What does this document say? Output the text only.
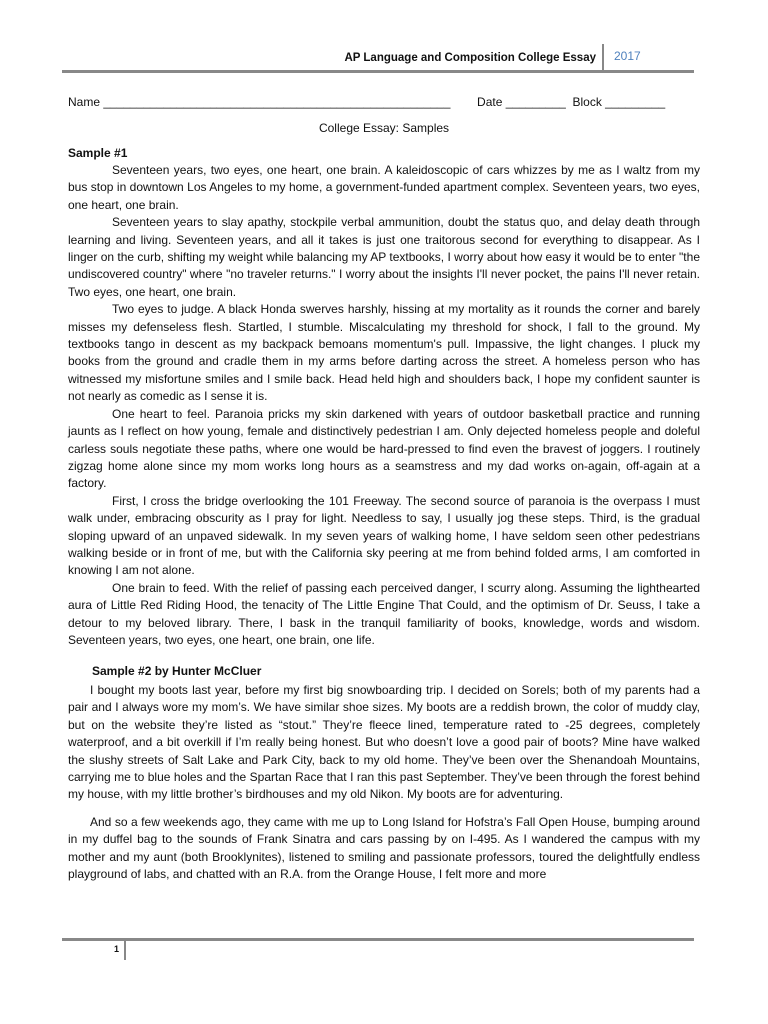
AP Language and Composition College Essay 2017
Name ____________________________________________________        Date _________  Block _________
College Essay: Samples
Sample #1

Seventeen years, two eyes, one heart, one brain. A kaleidoscopic of cars whizzes by me as I waltz from my bus stop in downtown Los Angeles to my home, a government-funded apartment complex. Seventeen years, two eyes, one heart, one brain.

Seventeen years to slay apathy, stockpile verbal ammunition, doubt the status quo, and delay death through learning and living. Seventeen years, and all it takes is just one traitorous second for everything to disappear. As I linger on the curb, shifting my weight while balancing my AP textbooks, I worry about how easy it would be to enter "the undiscovered country" where "no traveler returns." I worry about the insights I'll never pocket, the pains I'll never retain. Two eyes, one heart, one brain.

Two eyes to judge. A black Honda swerves harshly, hissing at my mortality as it rounds the corner and barely misses my defenseless flesh. Startled, I stumble. Miscalculating my threshold for shock, I fall to the ground. My textbooks tango in descent as my backpack bemoans momentum's pull. Impassive, the light changes. I pluck my books from the ground and cradle them in my arms before darting across the street. A homeless person who has witnessed my misfortune smiles and I smile back. Head held high and shoulders back, I hope my confident saunter is not nearly as comedic as I sense it is.

One heart to feel. Paranoia pricks my skin darkened with years of outdoor basketball practice and running jaunts as I reflect on how young, female and distinctively pedestrian I am. Only dejected homeless people and doleful carless souls negotiate these paths, where one would be hard-pressed to find even the bravest of joggers. I routinely zigzag home alone since my mom works long hours as a seamstress and my dad works on-again, off-again at a factory.

First, I cross the bridge overlooking the 101 Freeway. The second source of paranoia is the overpass I must walk under, embracing obscurity as I pray for light. Needless to say, I usually jog these steps. Third, is the gradual sloping upward of an unpaved sidewalk. In my seven years of walking home, I have seldom seen other pedestrians walking beside or in front of me, but with the California sky peering at me from behind folded arms, I am comforted in knowing I am not alone.

One brain to feed. With the relief of passing each perceived danger, I scurry along. Assuming the lighthearted aura of Little Red Riding Hood, the tenacity of The Little Engine That Could, and the optimism of Dr. Seuss, I take a detour to my beloved library. There, I bask in the tranquil familiarity of books, knowledge, words and wisdom. Seventeen years, two eyes, one heart, one brain, one life.

Sample #2 by Hunter McCluer

I bought my boots last year, before my first big snowboarding trip. I decided on Sorels; both of my parents had a pair and I always wore my mom’s. We have similar shoe sizes. My boots are a reddish brown, the color of muddy clay, but on the website they’re listed as “stout.” They’re fleece lined, temperature rated to -25 degrees, completely waterproof, and a bit overkill if I’m really being honest. But who doesn’t love a good pair of boots? Mine have walked the slushy streets of Salt Lake and Park City, back to my old home. They’ve been over the Shenandoah Mountains, carrying me to blue holes and the Spartan Race that I ran this past September. They’ve been through the forest behind my house, with my little brother’s birdhouses and my old Nikon. My boots are for adventuring.

And so a few weekends ago, they came with me up to Long Island for Hofstra’s Fall Open House, bumping around in my duffel bag to the sounds of Frank Sinatra and cars passing by on I-495. As I wandered the campus with my mother and my aunt (both Brooklynites), listened to smiling and passionate professors, toured the delightfully endless playground of labs, and chatted with an R.A. from the Orange House, I felt more and more

1
